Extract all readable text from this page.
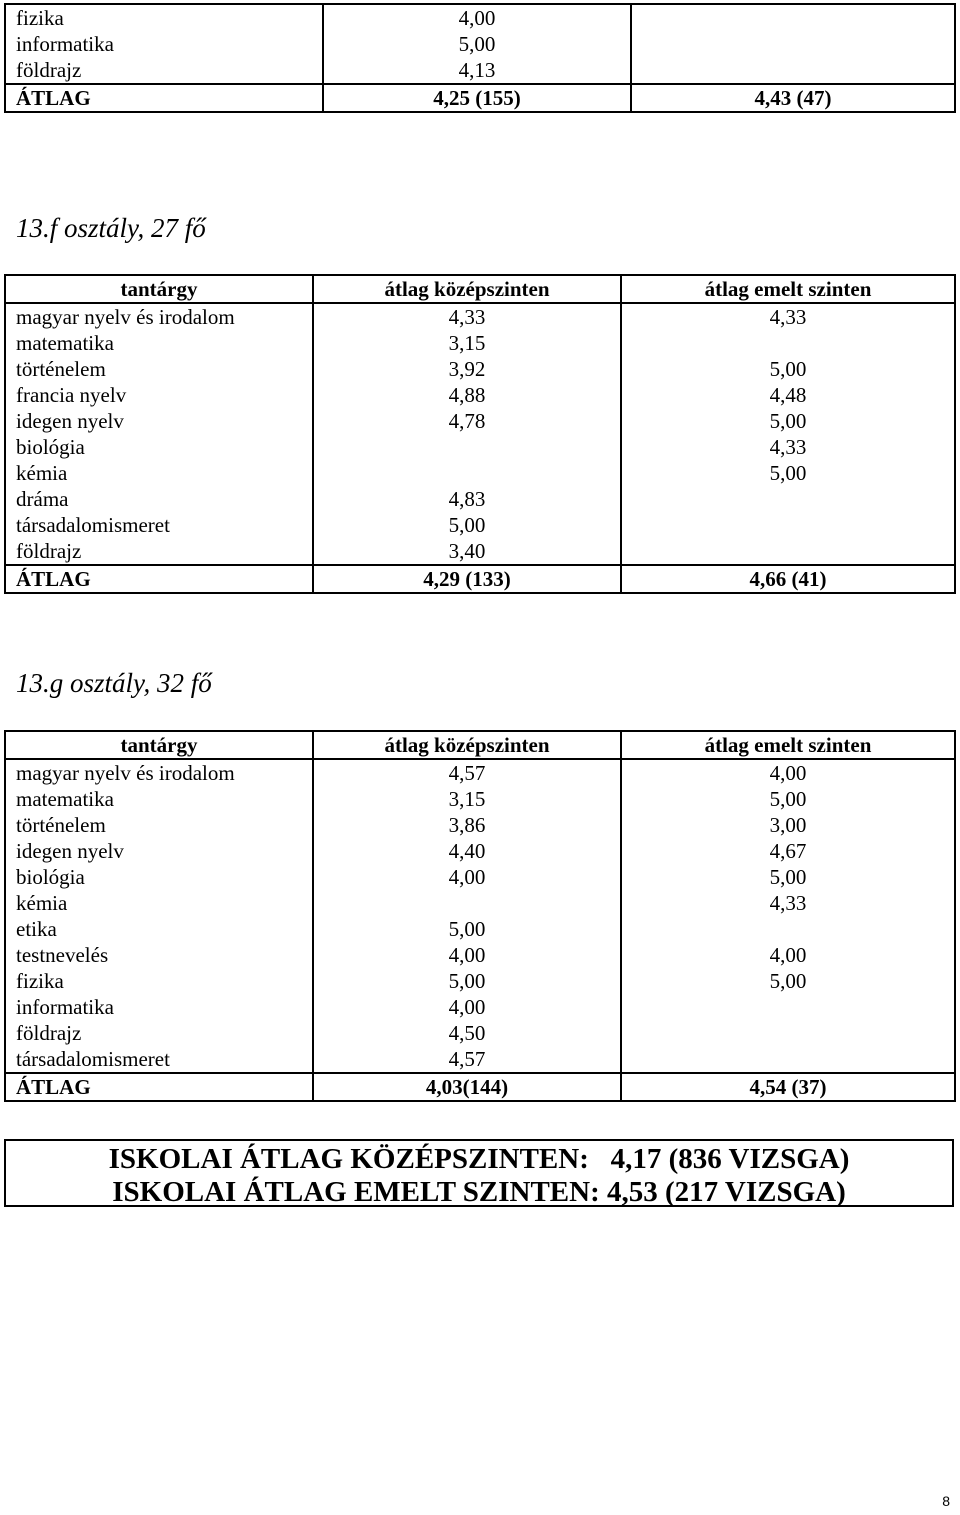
fizika	4,00	
informatika	5,00	
földrajz	4,13	
ÁTLAG	4,25 (155)	4,43 (47)
13.f osztály, 27 fő
tantárgy	átlag középszinten	átlag emelt szinten
magyar nyelv és irodalom	4,33	4,33
matematika	3,15	
történelem	3,92	5,00
francia nyelv	4,88	4,48
idegen nyelv	4,78	5,00
biológia		4,33
kémia		5,00
dráma	4,83	
társadalomismeret	5,00	
földrajz	3,40	
ÁTLAG	4,29 (133)	4,66 (41)
13.g osztály, 32 fő
tantárgy	átlag középszinten	átlag emelt szinten
magyar nyelv és irodalom	4,57	4,00
matematika	3,15	5,00
történelem	3,86	3,00
idegen nyelv	4,40	4,67
biológia	4,00	5,00
kémia		4,33
etika	5,00	
testnevelés	4,00	4,00
fizika	5,00	5,00
informatika	4,00	
földrajz	4,50	
társadalomismeret	4,57	
ÁTLAG	4,03(144)	4,54 (37)
ISKOLAI ÁTLAG KÖZÉPSZINTEN:   4,17 (836 VIZSGA)
ISKOLAI ÁTLAG EMELT SZINTEN: 4,53 (217 VIZSGA)
8
